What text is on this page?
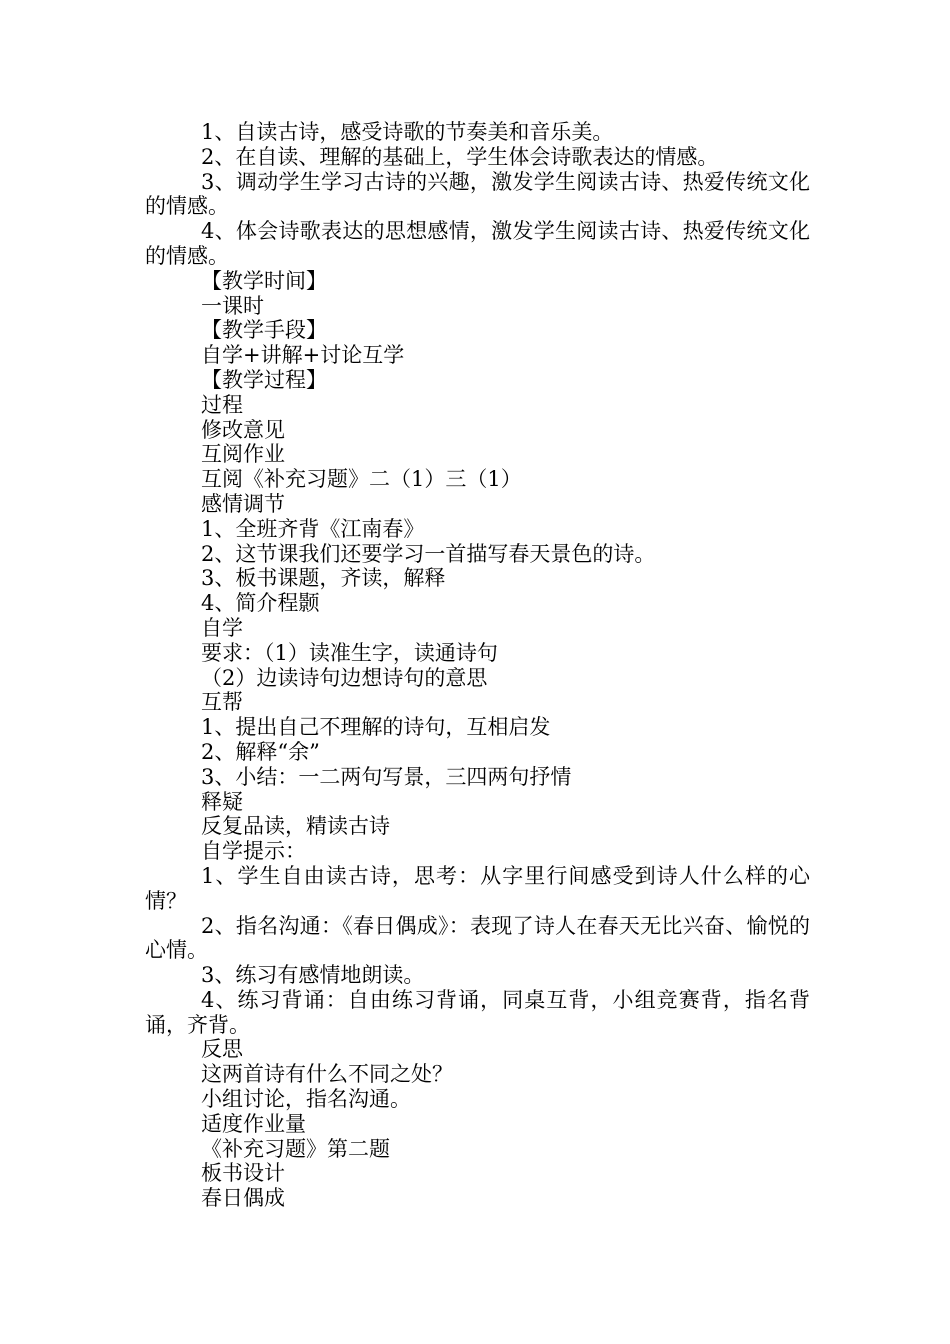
1、自读古诗，感受诗歌的节奏美和音乐美。
2、在自读、理解的基础上，学生体会诗歌表达的情感。
3、调动学生学习古诗的兴趣，激发学生阅读古诗、热爱传统文化的情感。
4、体会诗歌表达的思想感情，激发学生阅读古诗、热爱传统文化的情感。
【教学时间】
一课时
【教学手段】
自学+讲解+讨论互学
【教学过程】
过程
修改意见
互阅作业
互阅《补充习题》二（1）三（1）
感情调节
1、全班齐背《江南春》
2、这节课我们还要学习一首描写春天景色的诗。
3、板书课题，齐读，解释
4、简介程颢
自学
要求：（1）读准生字，读通诗句
（2）边读诗句边想诗句的意思
互帮
1、提出自己不理解的诗句，互相启发
2、解释“余”
3、小结：一二两句写景，三四两句抒情
释疑
反复品读，精读古诗
自学提示：
1、学生自由读古诗，思考：从字里行间感受到诗人什么样的心情？
2、指名沟通：《春日偶成》：表现了诗人在春天无比兴奋、愉悦的心情。
3、练习有感情地朗读。
4、练习背诵：自由练习背诵，同桌互背，小组竞赛背，指名背诵，齐背。
反思
这两首诗有什么不同之处？
小组讨论，指名沟通。
适度作业量
《补充习题》第二题
板书设计
春日偶成
